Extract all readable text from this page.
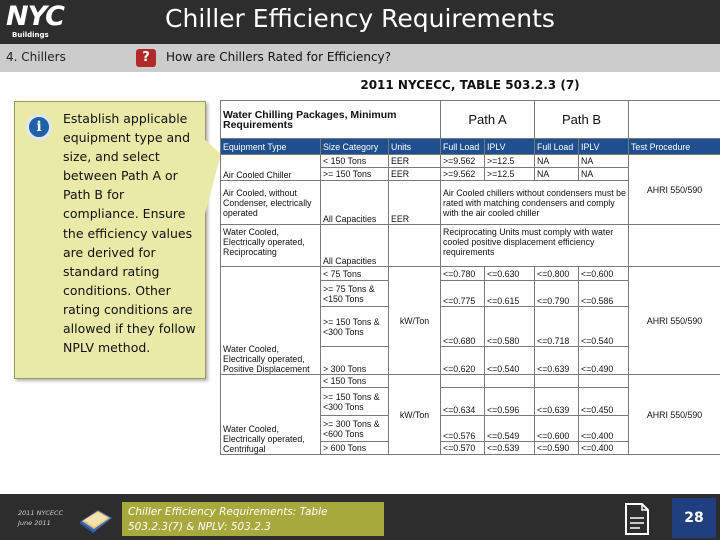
NYC
Buildings
Chiller Efficiency Requirements
4. Chillers	?	How are Chillers Rated for Efficiency?
i
Establish applicable equipment type and size, and select between Path A or Path B for compliance. Ensure the efficiency values are derived for standard rating conditions. Other rating conditions are allowed if they follow NPLV method.
2011 NYCECC, TABLE 503.2.3 (7)
Water Chilling Packages, Minimum Requirements			Path A		Path B		
Equipment Type	Size Category	Units	Full Load	IPLV	Full Load	IPLV	Test Procedure
Air Cooled Chiller	< 150 Tons	EER	>=9.562	>=12.5	NA	NA	AHRI 550/590
	>= 150 Tons	EER	>=9.562	>=12.5	NA	NA	
Air Cooled, without Condenser, electrically operated	All Capacities	EER	Air Cooled chillers without condensers must be rated with matching condensers and comply with the air cooled chiller				
Water Cooled, Electrically operated, Reciprocating	All Capacities		Reciprocating Units must comply with water cooled positive displacement efficiency requirements				
Water Cooled, Electrically operated, Positive Displacement	< 75 Tons	kW/Ton	<=0.780	<=0.630	<=0.800	<=0.600	AHRI 550/590
	>= 75 Tons & <150 Tons		<=0.775	<=0.615	<=0.790	<=0.586	
	>= 150 Tons & <300 Tons		<=0.680	<=0.580	<=0.718	<=0.540	
	> 300 Tons		<=0.620	<=0.540	<=0.639	<=0.490	
Water Cooled, Electrically operated, Centrifugal	< 150 Tons	kW/Ton					AHRI 550/590
	>= 150 Tons & <300 Tons		<=0.634	<=0.596	<=0.639	<=0.450	
	>= 300 Tons & <600 Tons		<=0.576	<=0.549	<=0.600	<=0.400	
	> 600 Tons		<=0.570	<=0.539	<=0.590	<=0.400	
2011 NYCECC
June 2011
Chiller Efficiency Requirements: Table 503.2.3(7) & NPLV: 503.2.3
28
